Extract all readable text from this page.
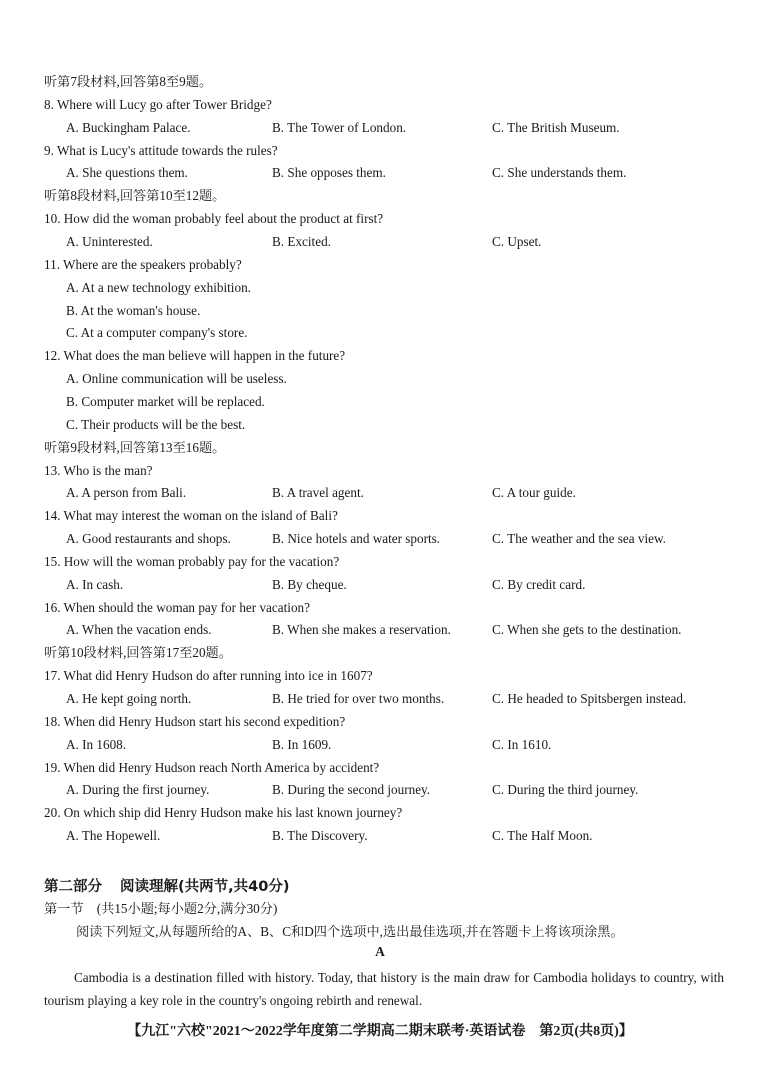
听第7段材料,回答第8至9题。
8. Where will Lucy go after Tower Bridge?
A. Buckingham Palace.	B. The Tower of London.	C. The British Museum.
9. What is Lucy's attitude towards the rules?
A. She questions them.	B. She opposes them.	C. She understands them.
听第8段材料,回答第10至12题。
10. How did the woman probably feel about the product at first?
A. Uninterested.	B. Excited.	C. Upset.
11. Where are the speakers probably?
A. At a new technology exhibition.
B. At the woman's house.
C. At a computer company's store.
12. What does the man believe will happen in the future?
A. Online communication will be useless.
B. Computer market will be replaced.
C. Their products will be the best.
听第9段材料,回答第13至16题。
13. Who is the man?
A. A person from Bali.	B. A travel agent.	C. A tour guide.
14. What may interest the woman on the island of Bali?
A. Good restaurants and shops.	B. Nice hotels and water sports.	C. The weather and the sea view.
15. How will the woman probably pay for the vacation?
A. In cash.	B. By cheque.	C. By credit card.
16. When should the woman pay for her vacation?
A. When the vacation ends.	B. When she makes a reservation.	C. When she gets to the destination.
听第10段材料,回答第17至20题。
17. What did Henry Hudson do after running into ice in 1607?
A. He kept going north.	B. He tried for over two months.	C. He headed to Spitsbergen instead.
18. When did Henry Hudson start his second expedition?
A. In 1608.	B. In 1609.	C. In 1610.
19. When did Henry Hudson reach North America by accident?
A. During the first journey.	B. During the second journey.	C. During the third journey.
20. On which ship did Henry Hudson make his last known journey?
A. The Hopewell.	B. The Discovery.	C. The Half Moon.
第二部分 阅读理解(共两节,共40分)
第一节　(共15小题;每小题2分,满分30分)
阅读下列短文,从每题所给的A、B、C和D四个选项中,选出最佳选项,并在答题卡上将该项涂黑。
A
Cambodia is a destination filled with history. Today, that history is the main draw for Cambodia holidays to country, with tourism playing a key role in the country's ongoing rebirth and renewal.
【九江"六校"2021～2022学年度第二学期高二期末联考·英语试卷　第2页(共8页)】
